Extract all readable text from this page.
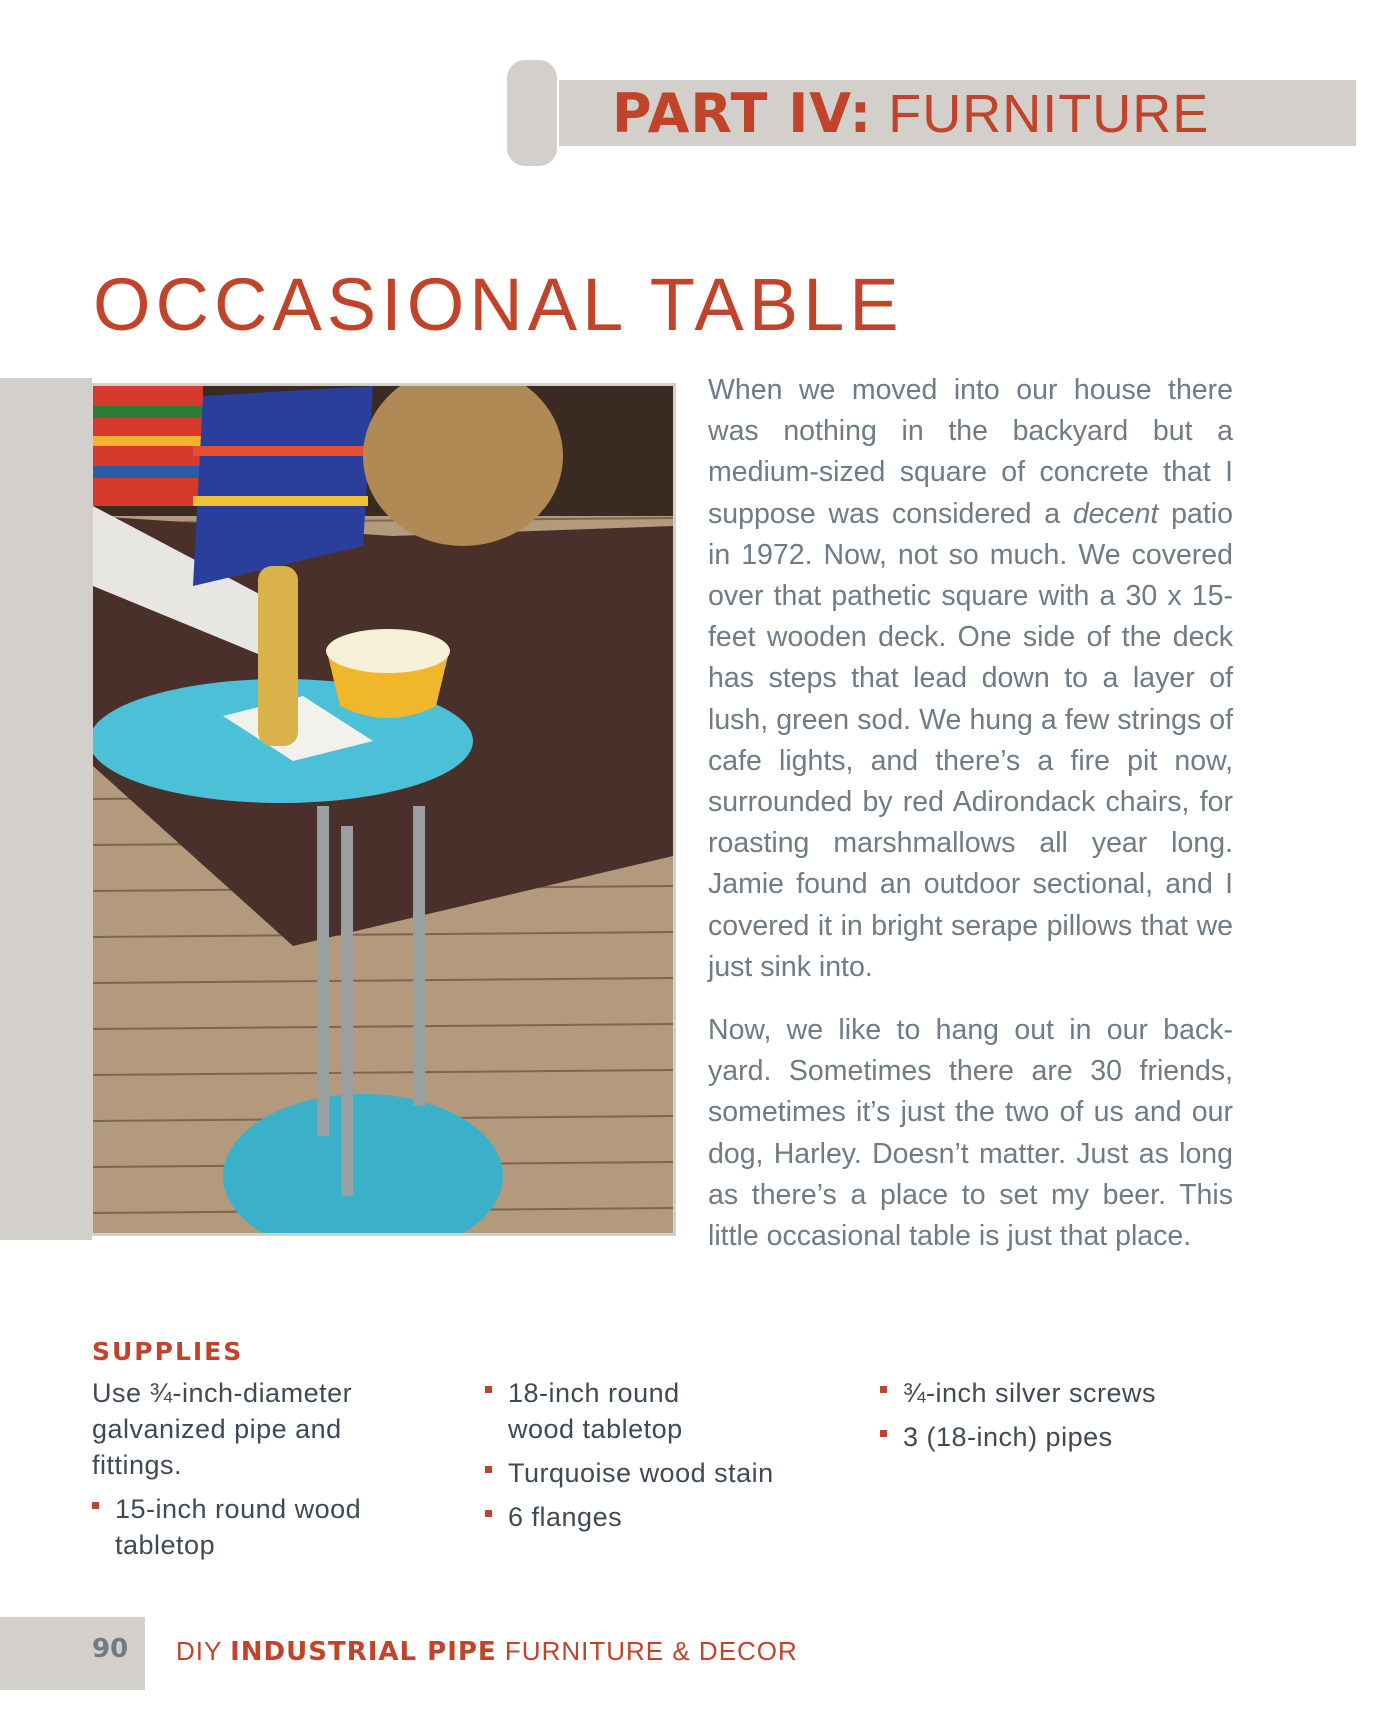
PART IV: FURNITURE
OCCASIONAL TABLE

When we moved into our house there was nothing in the backyard but a medium-sized square of concrete that I suppose was considered a decent patio in 1972. Now, not so much. We covered over that pathetic square with a 30 x 15-feet wooden deck. One side of the deck has steps that lead down to a layer of lush, green sod. We hung a few strings of cafe lights, and there’s a fire pit now, surrounded by red Adirondack chairs, for roasting marshmallows all year long. Jamie found an outdoor sectional, and I covered it in bright serape pillows that we just sink into.

Now, we like to hang out in our back-yard. Sometimes there are 30 friends, sometimes it’s just the two of us and our dog, Harley. Doesn’t matter. Just as long as there’s a place to set my beer. This little occasional table is just that place.

SUPPLIES
Use ¾-inch-diameter galvanized pipe and fittings.
15-inch round wood tabletop
18-inch round wood tabletop
Turquoise wood stain
6 flanges
¾-inch silver screws
3 (18-inch) pipes
90 DIY INDUSTRIAL PIPE FURNITURE & DECOR
